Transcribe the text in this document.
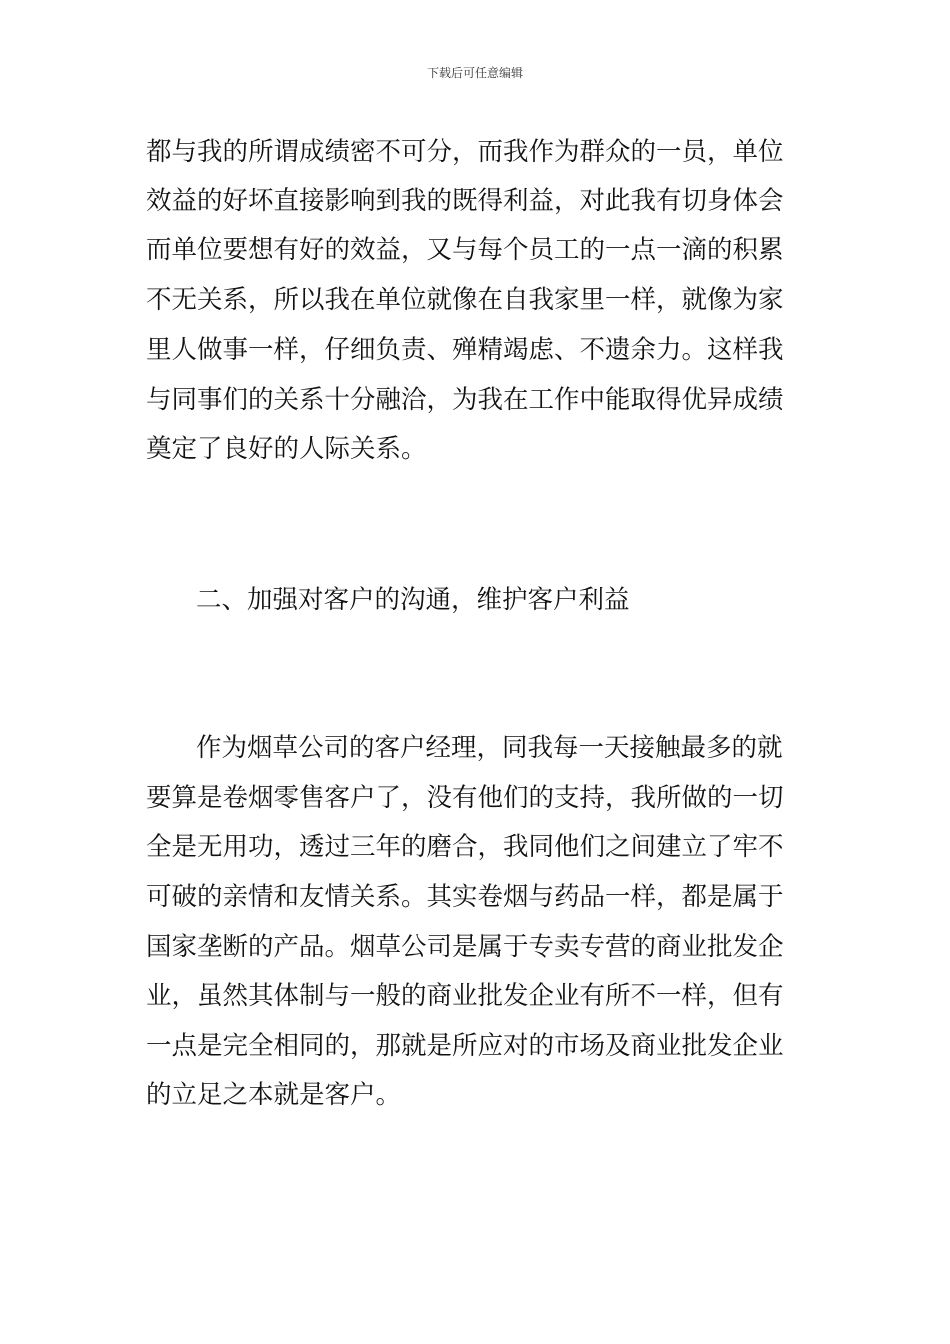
下载后可任意编辑
都与我的所谓成绩密不可分，而我作为群众的一员，单位
效益的好坏直接影响到我的既得利益，对此我有切身体会
而单位要想有好的效益，又与每个员工的一点一滴的积累
不无关系，所以我在单位就像在自我家里一样，就像为家
里人做事一样，仔细负责、殚精竭虑、不遗余力。这样我
与同事们的关系十分融洽，为我在工作中能取得优异成绩
奠定了良好的人际关系。
二、加强对客户的沟通，维护客户利益
作为烟草公司的客户经理，同我每一天接触最多的就
要算是卷烟零售客户了，没有他们的支持，我所做的一切
全是无用功，透过三年的磨合，我同他们之间建立了牢不
可破的亲情和友情关系。其实卷烟与药品一样，都是属于
国家垄断的产品。烟草公司是属于专卖专营的商业批发企
业，虽然其体制与一般的商业批发企业有所不一样，但有
一点是完全相同的，那就是所应对的市场及商业批发企业
的立足之本就是客户。
